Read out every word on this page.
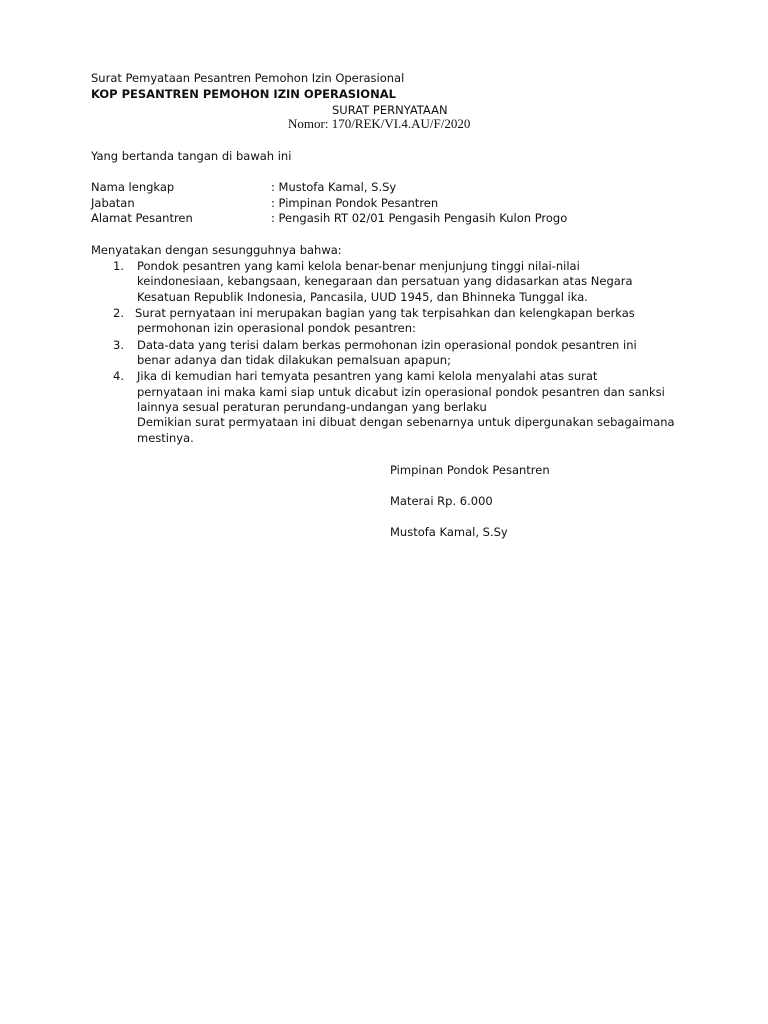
Surat Pemyataan Pesantren Pemohon Izin Operasional
KOP PESANTREN PEMOHON IZIN OPERASIONAL
SURAT PERNYATAAN
Nomor: 170/REK/VI.4.AU/F/2020
Yang bertanda tangan di bawah ini
Nama lengkap	: Mustofa Kamal, S.Sy
Jabatan	: Pimpinan Pondok Pesantren
Alamat Pesantren	: Pengasih RT 02/01 Pengasih Pengasih Kulon Progo
Menyatakan dengan sesungguhnya bahwa:
1. Pondok pesantren yang kami kelola benar-benar menjunjung tinggi nilai-nilai
keindonesiaan, kebangsaan, kenegaraan dan persatuan yang didasarkan atas Negara
Kesatuan Republik Indonesia, Pancasila, UUD 1945, dan Bhinneka Tunggal ika.
2. Surat pernyataan ini merupakan bagian yang tak terpisahkan dan kelengkapan berkas
permohonan izin operasional pondok pesantren:
3. Data-data yang terisi dalam berkas permohonan izin operasional pondok pesantren ini
benar adanya dan tidak dilakukan pemalsuan apapun;
4. Jika di kemudian hari temyata pesantren yang kami kelola menyalahi atas surat
pernyataan ini maka kami siap untuk dicabut izin operasional pondok pesantren dan sanksi
lainnya sesual peraturan perundang-undangan yang berlaku
Demikian surat permyataan ini dibuat dengan sebenarnya untuk dipergunakan sebagaimana
mestinya.
Pimpinan Pondok Pesantren
Materai Rp. 6.000
Mustofa Kamal, S.Sy
